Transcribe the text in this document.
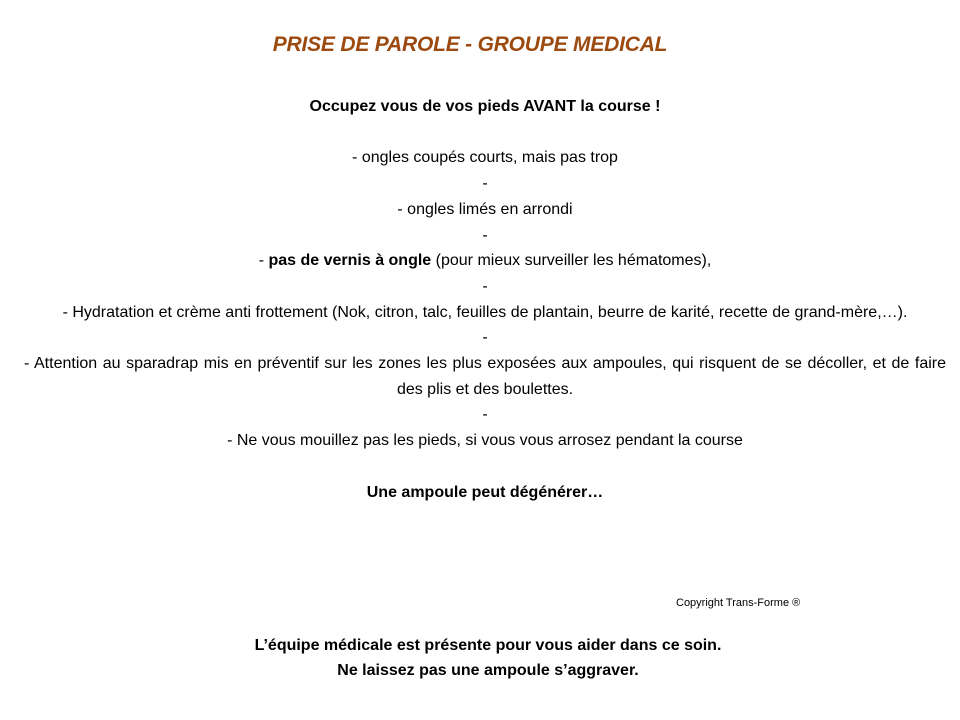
PRISE DE PAROLE - GROUPE MEDICAL

Occupez vous de vos pieds AVANT la course !

- ongles coupés courts, mais pas trop

-

- ongles limés en arrondi

-

- pas de vernis à ongle (pour mieux surveiller les hématomes),

-

- Hydratation et crème anti frottement (Nok, citron, talc, feuilles de plantain, beurre de karité, recette de grand-mère,…).

-

- Attention au sparadrap mis en préventif sur les zones les plus exposées aux ampoules, qui risquent de se décoller, et de faire des plis et des boulettes.

-

- Ne vous mouillez pas les pieds, si vous vous arrosez pendant la course

Une ampoule peut dégénérer…

Copyright Trans-Forme ®

L’équipe médicale est présente pour vous aider dans ce soin.

Ne laissez pas une ampoule s’aggraver.
